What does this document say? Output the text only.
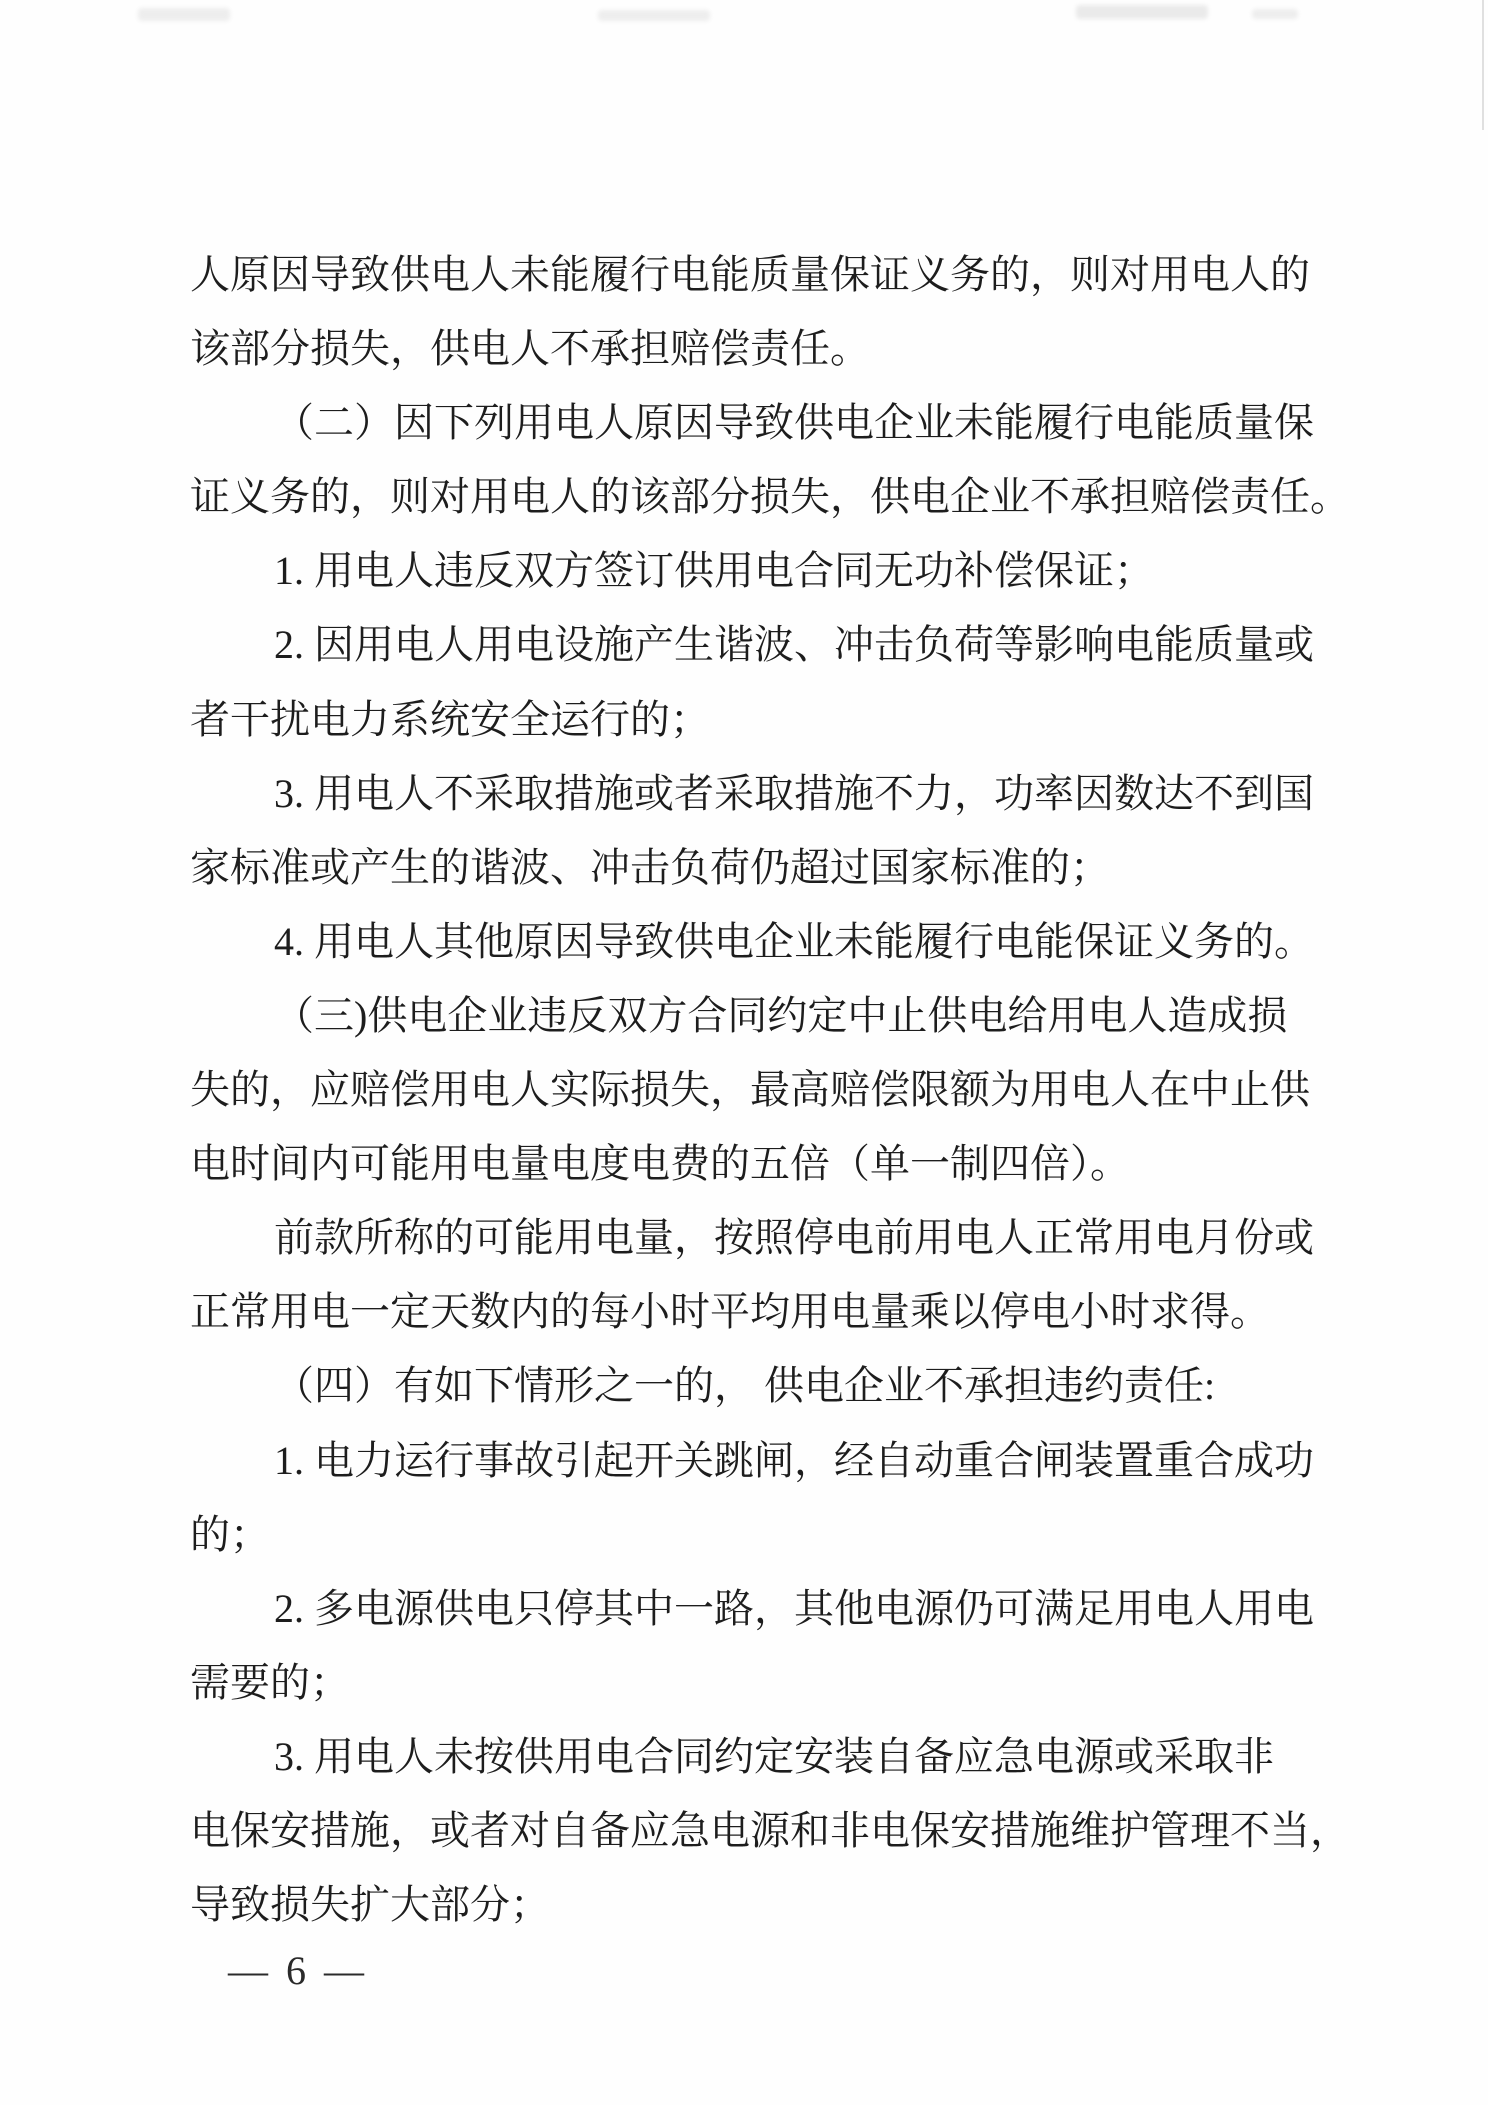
人原因导致供电人未能履行电能质量保证义务的，则对用电人的
该部分损失，供电人不承担赔偿责任。
（二）因下列用电人原因导致供电企业未能履行电能质量保
证义务的，则对用电人的该部分损失，供电企业不承担赔偿责任。
1. 用电人违反双方签订供用电合同无功补偿保证；
2. 因用电人用电设施产生谐波、冲击负荷等影响电能质量或
者干扰电力系统安全运行的；
3. 用电人不采取措施或者采取措施不力，功率因数达不到国
家标准或产生的谐波、冲击负荷仍超过国家标准的；
4. 用电人其他原因导致供电企业未能履行电能保证义务的。
（三)供电企业违反双方合同约定中止供电给用电人造成损
失的，应赔偿用电人实际损失，最高赔偿限额为用电人在中止供
电时间内可能用电量电度电费的五倍（单一制四倍）。
前款所称的可能用电量，按照停电前用电人正常用电月份或
正常用电一定天数内的每小时平均用电量乘以停电小时求得。
（四）有如下情形之一的， 供电企业不承担违约责任:
1. 电力运行事故引起开关跳闸，经自动重合闸装置重合成功
的；
2. 多电源供电只停其中一路，其他电源仍可满足用电人用电
需要的；
3. 用电人未按供用电合同约定安装自备应急电源或采取非
电保安措施，或者对自备应急电源和非电保安措施维护管理不当，
导致损失扩大部分；
— 6 —
